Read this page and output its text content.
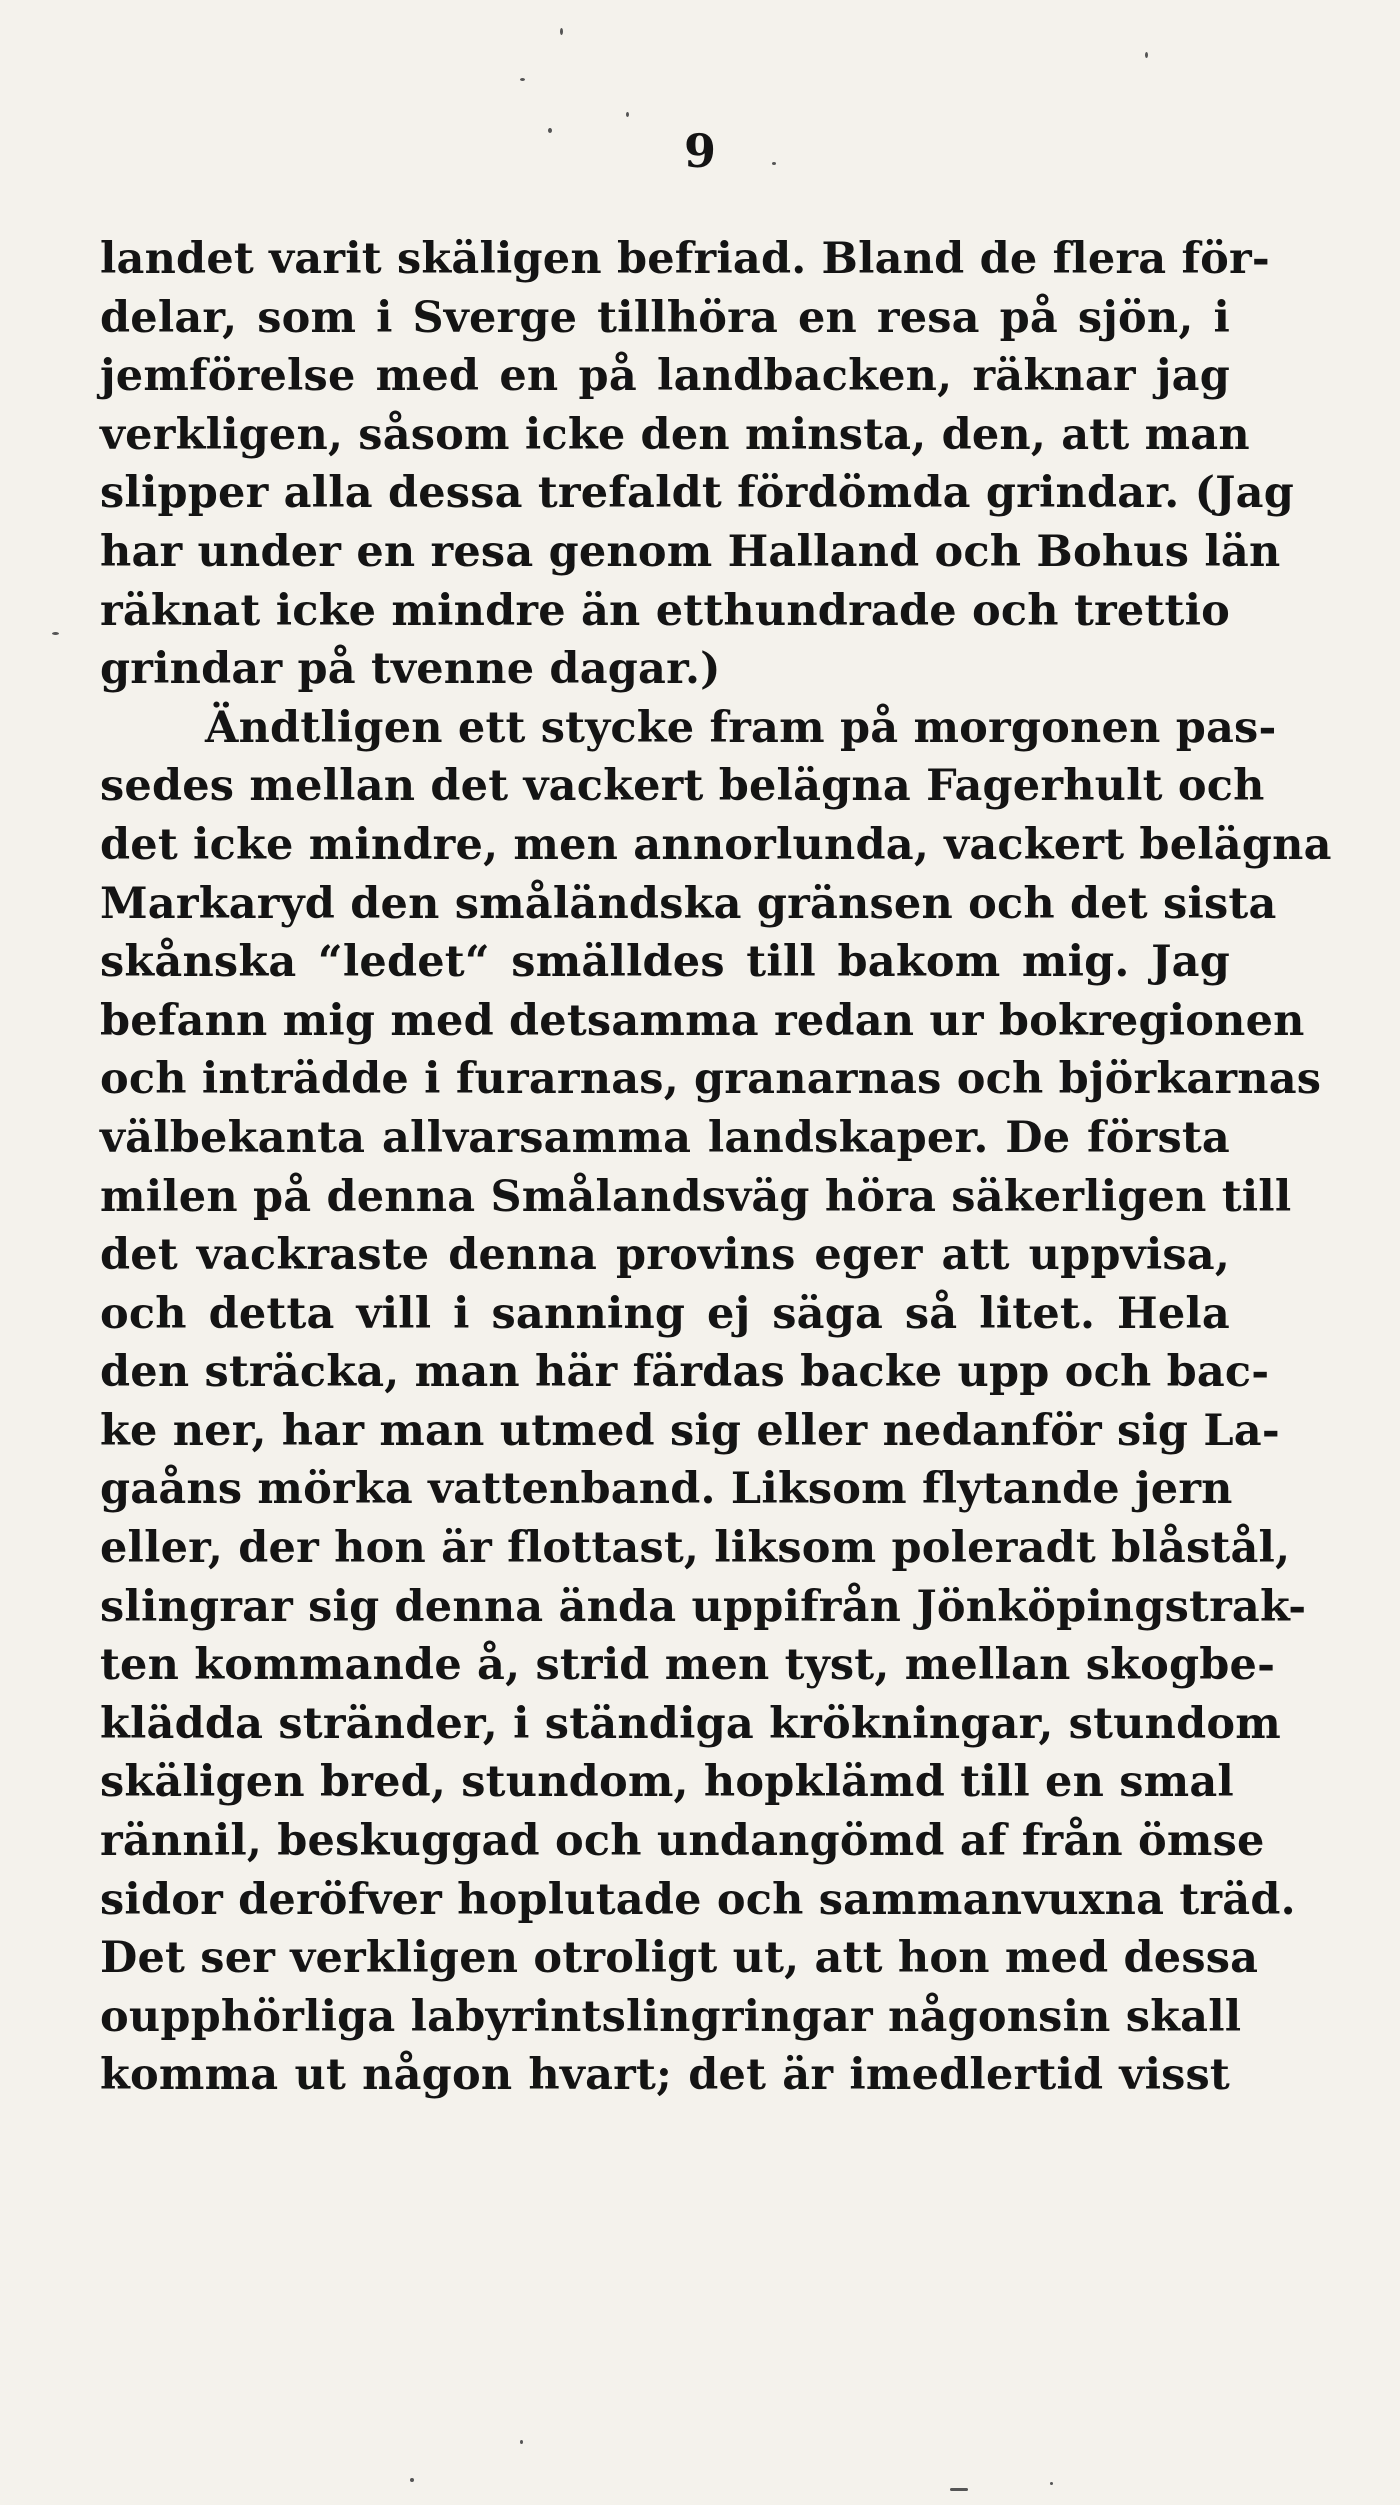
9
landet varit skäligen befriad. Bland de flera för-
delar, som i Sverge tillhöra en resa på sjön, i
jemförelse med en på landbacken, räknar jag
verkligen, såsom icke den minsta, den, att man
slipper alla dessa trefaldt fördömda grindar. (Jag
har under en resa genom Halland och Bohus län
räknat icke mindre än etthundrade och trettio
grindar på tvenne dagar.)
Ändtligen ett stycke fram på morgonen pas-
sedes mellan det vackert belägna Fagerhult och
det icke mindre, men annorlunda, vackert belägna
Markaryd den småländska gränsen och det sista
skånska “ledet“ smälldes till bakom mig. Jag
befann mig med detsamma redan ur bokregionen
och inträdde i furarnas, granarnas och björkarnas
välbekanta allvarsamma landskaper. De första
milen på denna Smålandsväg höra säkerligen till
det vackraste denna provins eger att uppvisa,
och detta vill i sanning ej säga så litet. Hela
den sträcka, man här färdas backe upp och bac-
ke ner, har man utmed sig eller nedanför sig La-
gaåns mörka vattenband. Liksom flytande jern
eller, der hon är flottast, liksom poleradt blåstål,
slingrar sig denna ända uppifrån Jönköpingstrak-
ten kommande å, strid men tyst, mellan skogbe-
klädda stränder, i ständiga krökningar, stundom
skäligen bred, stundom, hopklämd till en smal
rännil, beskuggad och undangömd af från ömse
sidor deröfver hoplutade och sammanvuxna träd.
Det ser verkligen otroligt ut, att hon med dessa
oupphörliga labyrintslingringar någonsin skall
komma ut någon hvart; det är imedlertid visst
